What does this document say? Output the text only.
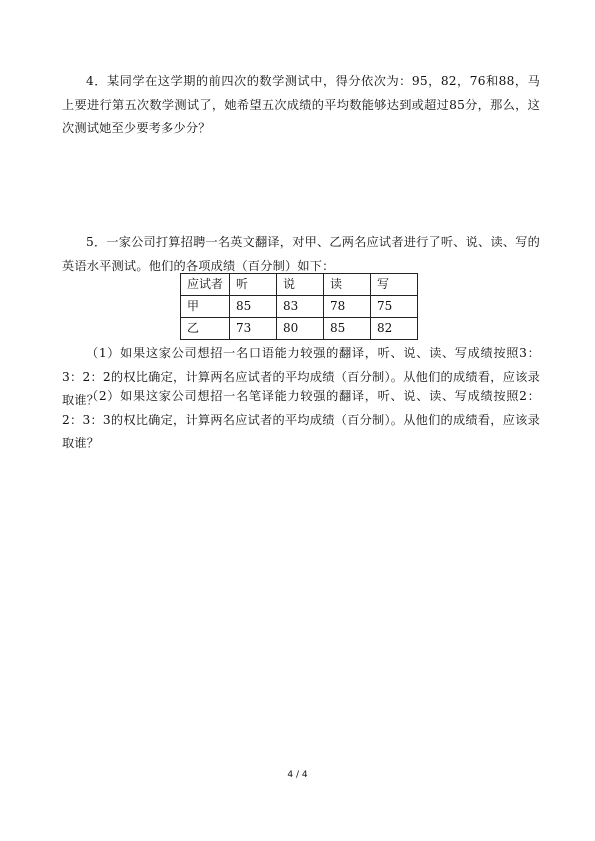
4．某同学在这学期的前四次的数学测试中，得分依次为：95，82，76和88，马上要进行第五次数学测试了，她希望五次成绩的平均数能够达到或超过85分，那么，这次测试她至少要考多少分？

5．一家公司打算招聘一名英文翻译，对甲、乙两名应试者进行了听、说、读、写的英语水平测试。他们的各项成绩（百分制）如下：

应试者	听	说	读	写
甲	85	83	78	75
乙	73	80	85	82

（1）如果这家公司想招一名口语能力较强的翻译，听、说、读、写成绩按照3：3：2：2的权比确定，计算两名应试者的平均成绩（百分制）。从他们的成绩看，应该录取谁？

（2）如果这家公司想招一名笔译能力较强的翻译，听、说、读、写成绩按照2：2：3：3的权比确定，计算两名应试者的平均成绩（百分制）。从他们的成绩看，应该录取谁？

4 / 4
